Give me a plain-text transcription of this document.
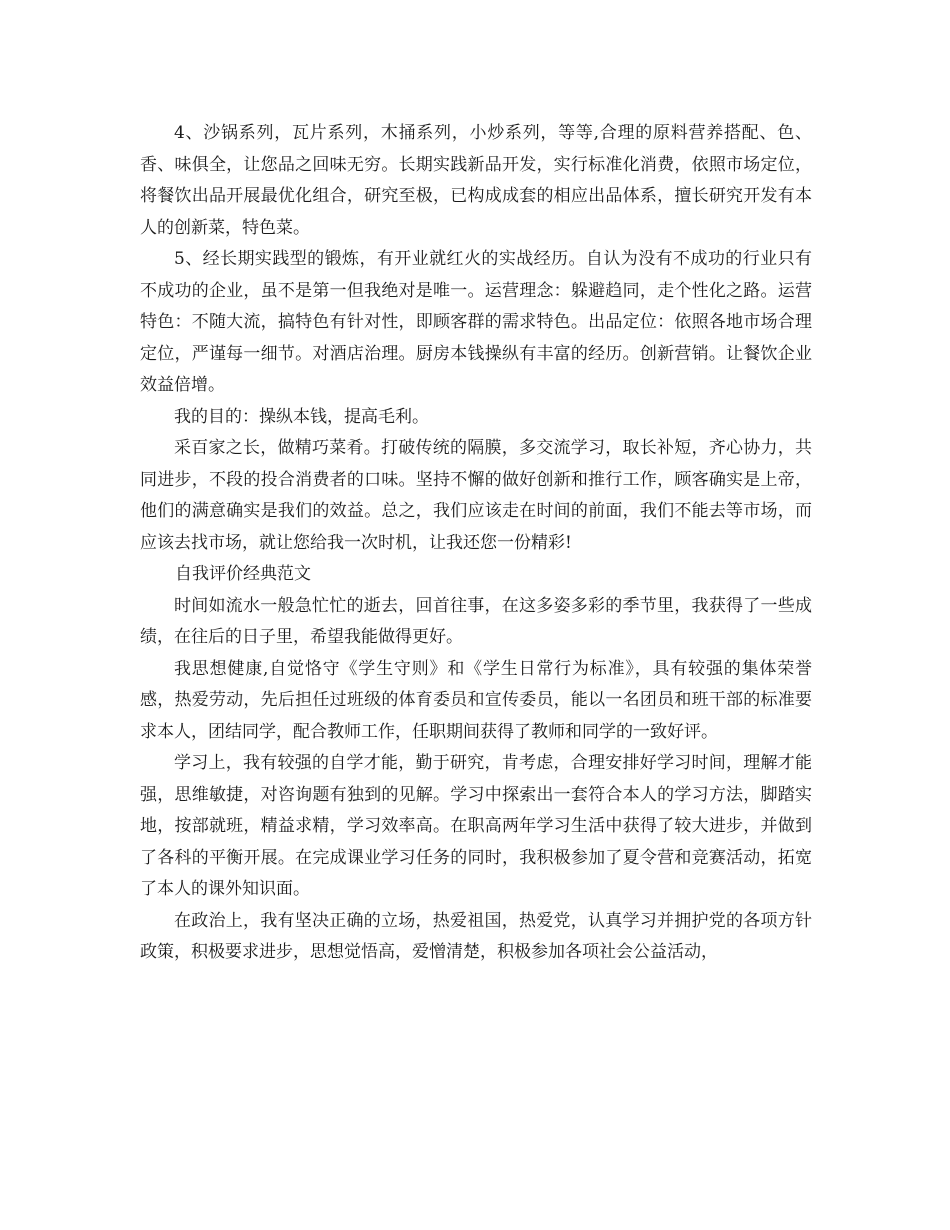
4、沙锅系列，瓦片系列，木捅系列，小炒系列，等等,合理的原料营养搭配、色、香、味俱全，让您品之回味无穷。长期实践新品开发，实行标准化消费，依照市场定位，将餐饮出品开展最优化组合，研究至极，已构成成套的相应出品体系，擅长研究开发有本人的创新菜，特色菜。

5、经长期实践型的锻炼，有开业就红火的实战经历。自认为没有不成功的行业只有不成功的企业，虽不是第一但我绝对是唯一。运营理念：躲避趋同，走个性化之路。运营特色：不随大流，搞特色有针对性，即顾客群的需求特色。出品定位：依照各地市场合理定位，严谨每一细节。对酒店治理。厨房本钱操纵有丰富的经历。创新营销。让餐饮企业效益倍增。

我的目的：操纵本钱，提高毛利。

采百家之长，做精巧菜肴。打破传统的隔膜，多交流学习，取长补短，齐心协力，共同进步，不段的投合消费者的口味。坚持不懈的做好创新和推行工作，顾客确实是上帝，他们的满意确实是我们的效益。总之，我们应该走在时间的前面，我们不能去等市场，而应该去找市场，就让您给我一次时机，让我还您一份精彩!

自我评价经典范文

时间如流水一般急忙忙的逝去，回首往事，在这多姿多彩的季节里，我获得了一些成绩，在往后的日子里，希望我能做得更好。

我思想健康,自觉恪守《学生守则》和《学生日常行为标准》，具有较强的集体荣誉感，热爱劳动，先后担任过班级的体育委员和宣传委员，能以一名团员和班干部的标准要求本人，团结同学，配合教师工作，任职期间获得了教师和同学的一致好评。

学习上，我有较强的自学才能，勤于研究，肯考虑，合理安排好学习时间，理解才能强，思维敏捷，对咨询题有独到的见解。学习中探索出一套符合本人的学习方法，脚踏实地，按部就班，精益求精，学习效率高。在职高两年学习生活中获得了较大进步，并做到了各科的平衡开展。在完成课业学习任务的同时，我积极参加了夏令营和竞赛活动，拓宽了本人的课外知识面。

在政治上，我有坚决正确的立场，热爱祖国，热爱党，认真学习并拥护党的各项方针政策，积极要求进步，思想觉悟高，爱憎清楚，积极参加各项社会公益活动，
